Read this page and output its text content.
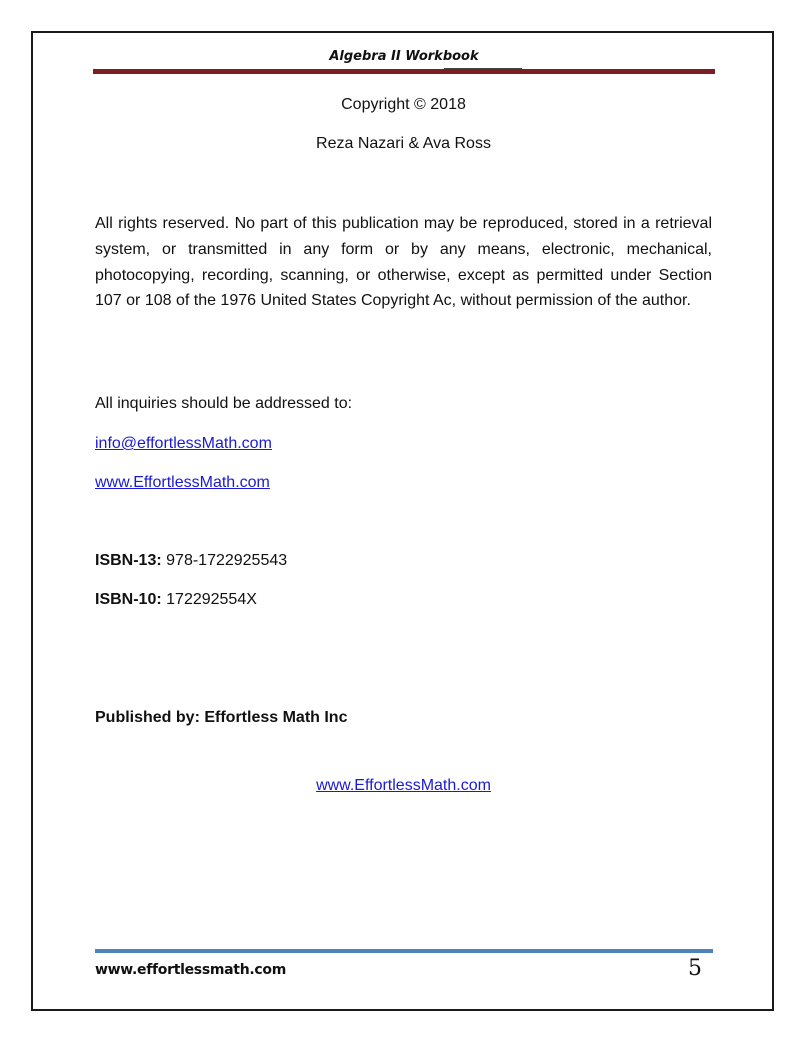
Algebra II Workbook
Copyright © 2018
Reza Nazari & Ava Ross
All rights reserved. No part of this publication may be reproduced, stored in a retrieval system, or transmitted in any form or by any means, electronic, mechanical, photocopying, recording, scanning, or otherwise, except as permitted under Section 107 or 108 of the 1976 United States Copyright Ac, without permission of the author.
All inquiries should be addressed to:
info@effortlessMath.com
www.EffortlessMath.com
ISBN-13: 978-1722925543
ISBN-10: 172292554X
Published by: Effortless Math Inc
www.EffortlessMath.com
www.effortlessmath.com	5
